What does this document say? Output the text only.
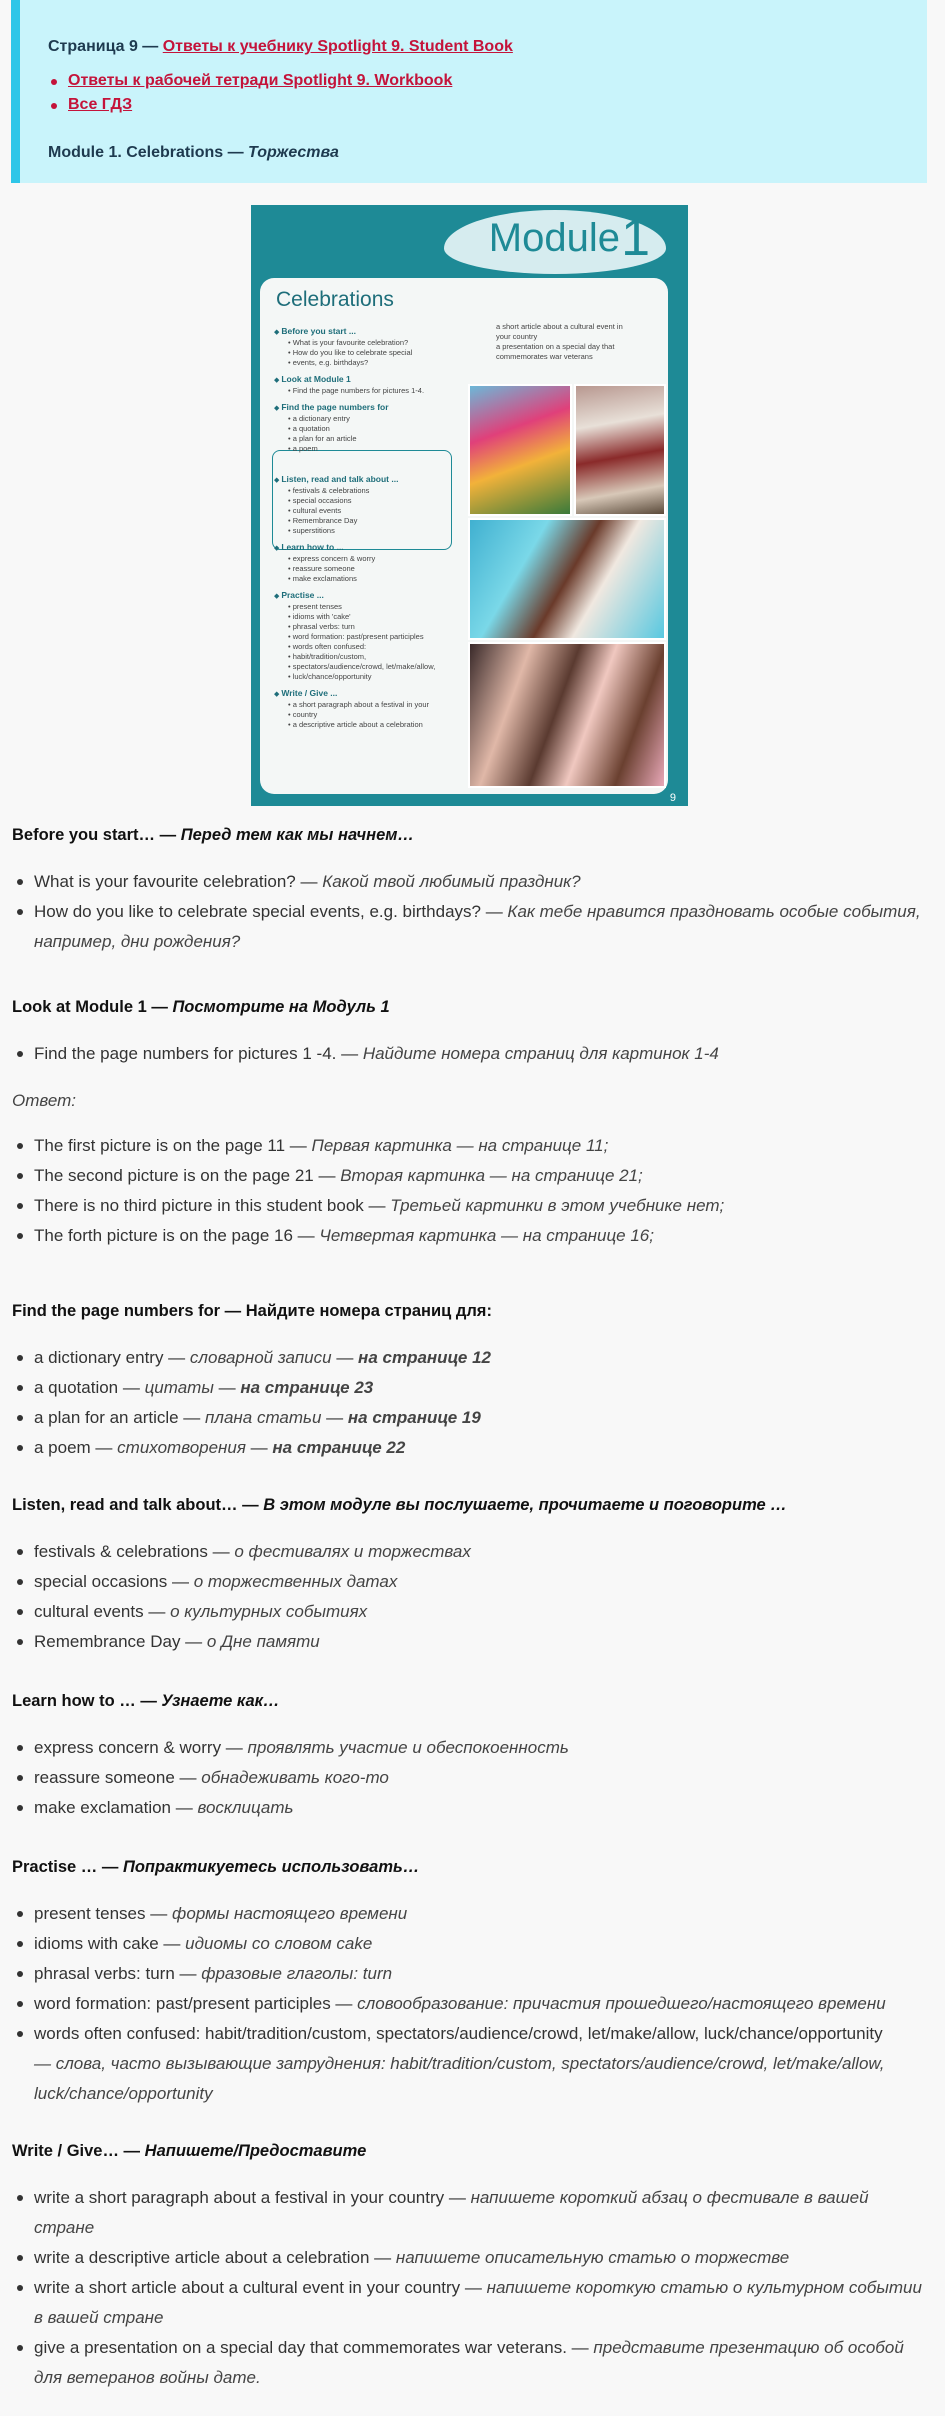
Страница 9 — Ответы к учебнику Spotlight 9. Student Book
Ответы к рабочей тетради Spotlight 9. Workbook
Все ГДЗ
Module 1. Celebrations — Торжества
Module 1
Celebrations
◆ Before you start ...
• What is your favourite celebration?
• How do you like to celebrate special
• events, e.g. birthdays?
◆ Look at Module 1
• Find the page numbers for pictures 1-4.
◆ Find the page numbers for
• a dictionary entry
• a quotation
• a plan for an article
• a poem
◆ Listen, read and talk about ...
• festivals & celebrations
• special occasions
• cultural events
• Remembrance Day
• superstitions
◆ Learn how to ...
• express concern & worry
• reassure someone
• make exclamations
◆ Practise ...
• present tenses
• idioms with 'cake'
• phrasal verbs: turn
• word formation: past/present participles
• words often confused:
• habit/tradition/custom,
• spectators/audience/crowd, let/make/allow,
• luck/chance/opportunity
◆ Write / Give ...
• a short paragraph about a festival in your
• country
• a descriptive article about a celebration
a short article about a cultural event in
your country
a presentation on a special day that
commemorates war veterans
9
Before you start… — Перед тем как мы начнем…
What is your favourite celebration? — Какой твой любимый праздник?
How do you like to celebrate special events, e.g. birthdays? — Как тебе нравится праздновать особые события,
например, дни рождения?
Look at Module 1 — Посмотрите на Модуль 1
Find the page numbers for pictures 1 -4. — Найдите номера страниц для картинок 1-4
Ответ:
The first picture is on the page 11 — Первая картинка — на странице 11;
The second picture is on the page 21 — Вторая картинка — на странице 21;
There is no third picture in this student book — Третьей картинки в этом учебнике нет;
The forth picture is on the page 16 — Четвертая картинка — на странице 16;
Find the page numbers for — Найдите номера страниц для:
a dictionary entry — словарной записи — на странице 12
a quotation — цитаты — на странице 23
a plan for an article — плана статьи — на странице 19
a poem — стихотворения — на странице 22
Listen, read and talk about… — В этом модуле вы послушаете, прочитаете и поговорите …
festivals & celebrations — о фестивалях и торжествах
special occasions — о торжественных датах
cultural events — о культурных событиях
Remembrance Day — о Дне памяти
Learn how to … — Узнаете как…
express concern & worry — проявлять участие и обеспокоенность
reassure someone — обнадеживать кого-то
make exclamation — восклицать
Practise … — Попрактикуетесь использовать…
present tenses — формы настоящего времени
idioms with cake — идиомы со словом cake
phrasal verbs: turn — фразовые глаголы: turn
word formation: past/present participles — словообразование: причастия прошедшего/настоящего времени
words often confused: habit/tradition/custom, spectators/audience/crowd, let/make/allow, luck/chance/opportunity
— слова, часто вызывающие затруднения: habit/tradition/custom, spectators/audience/crowd, let/make/allow,
luck/chance/opportunity
Write / Give… — Напишете/Предоставите
write a short paragraph about a festival in your country — напишете короткий абзац о фестивале в вашей
стране
write a descriptive article about a celebration — напишете описательную статью о торжестве
write a short article about a cultural event in your country — напишете короткую статью о культурном событии
в вашей стране
give a presentation on a special day that commemorates war veterans. — представите презентацию об особой
для ветеранов войны дате.
